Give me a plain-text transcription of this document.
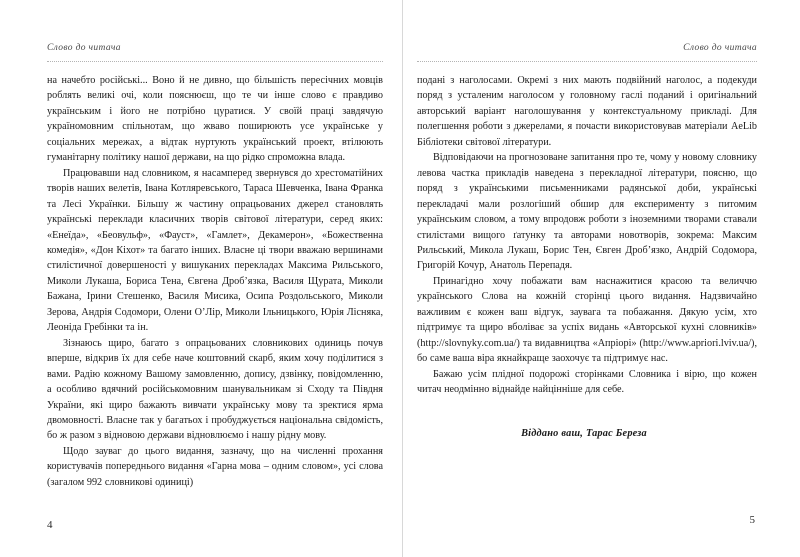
Слово до читача

на начебто російські... Воно й не дивно, що більшість пересічних мовців роблять великі очі, коли пояснюєш, що те чи інше слово є правдиво українським і його не потрібно цуратися. У своїй праці завдячую україномовним спільнотам, що жваво поширюють усе українське у соціальних мережах, а відтак нуртують український проект, втілюють гуманітарну політику нашої держави, на що рідко спроможна влада.

Працювавши над словником, я насамперед звернувся до хрестоматійних творів наших велетів, Івана Котляревського, Тараса Шевченка, Івана Франка та Лесі Українки. Більшу ж частину опрацьованих джерел становлять українські переклади класичних творів світової літератури, серед яких: «Енеїда», «Беовульф», «Фауст», «Гамлет», Декамерон», «Божественна комедія», «Дон Кіхот» та багато інших. Власне ці твори вважаю вершинами стилістичної довершеності у вишуканих перекладах Максима Рильського, Миколи Лукаша, Бориса Тена, Євгена Дроб’язка, Василя Щурата, Миколи Бажана, Ірини Стешенко, Василя Мисика, Осипа Роздольського, Миколи Зерова, Андрія Содомори, Олени О’Лір, Миколи Ільницького, Юрія Лісняка, Леоніда Гребінки та ін.

Зізнаюсь щиро, багато з опрацьованих словникових одиниць почув вперше, відкрив їх для себе наче коштовний скарб, яким хочу поділитися з вами. Радію кожному Вашому замовленню, допису, дзвінку, повідомленню, а особливо вдячний російськомовним шанувальникам зі Сходу та Півдня України, які щиро бажають вивчати українську мову та зректися ярма двомовності. Власне так у багатьох і пробуджується національна свідомість, бо ж разом з відновою держави відновлюємо і нашу рідну мову.

Щодо зауваг до цього видання, зазначу, що на численні прохання користувачів попереднього видання «Гарна мова – одним словом», усі слова (загалом 992 словникові одиниці)

4
Слово до читача

подані з наголосами. Окремі з них мають подвійний наголос, а подекуди поряд з усталеним наголосом у головному гаслі поданий і оригінальний авторський варіант наголошування у контекстуальному прикладі. Для полегшення роботи з джерелами, я почасти використовував матеріали AeLib Бібліотеки світової літератури.

Відповідаючи на прогнозоване запитання про те, чому у новому словнику левова частка прикладів наведена з перекладної літератури, поясню, що поряд з українськими письменниками радянської доби, українські перекладачі мали розлогіший обшир для експерименту з питомим українським словом, а тому впродовж роботи з іноземними творами ставали стилістами вищого ґатунку та авторами новотворів, зокрема: Максим Рильський, Микола Лукаш, Борис Тен, Євген Дроб’язко, Андрій Содомора, Григорій Кочур, Анатоль Перепадя.

Принагідно хочу побажати вам наснажитися красою та величчю українського Слова на кожній сторінці цього видання. Надзвичайно важливим є кожен ваш відгук, заувага та побажання. Дякую усім, хто підтримує та щиро вболіває за успіх видань «Авторської кухні словників» (http://slovnyky.com.ua/) та видавництва «Апріорі» (http://www.apriori.lviv.ua/), бо саме ваша віра якнайкраще заохочує та підтримує нас.

Бажаю усім плідної подорожі сторінками Словника і вірю, що кожен читач неодмінно віднайде найцінніше для себе.

Віддано ваш, Тарас Береза
5
